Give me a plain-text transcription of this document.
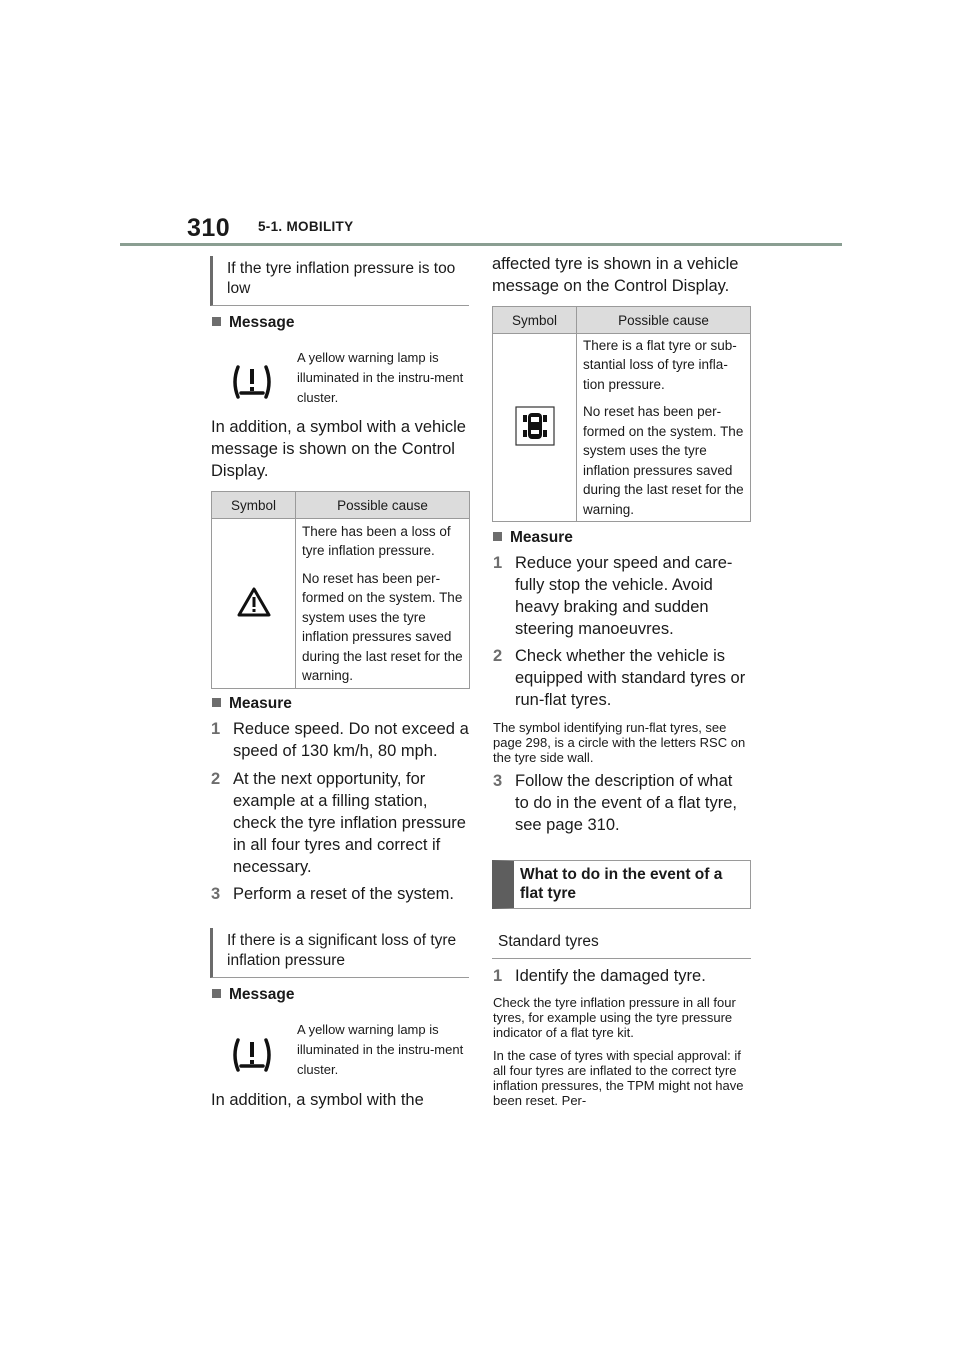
310 5-1. MOBILITY
If the tyre inflation pressure is too low
Message
A yellow warning lamp is illuminated in the instru-ment cluster.
In addition, a symbol with a vehicle message is shown on the Control Display.
Symbol	Possible cause

There has been a loss of tyre inflation pressure.

No reset has been per-formed on the system. The system uses the tyre inflation pressures saved during the last reset for the warning.

Measure
1 Reduce speed. Do not exceed a speed of 130 km/h, 80 mph.
2 At the next opportunity, for example at a filling station, check the tyre inflation pressure in all four tyres and correct if necessary.
3 Perform a reset of the system.
If there is a significant loss of tyre inflation pressure
Message
A yellow warning lamp is illuminated in the instru-ment cluster.
In addition, a symbol with the
affected tyre is shown in a vehicle message on the Control Display.
Symbol	Possible cause

There is a flat tyre or sub-stantial loss of tyre infla-tion pressure.

No reset has been per-formed on the system. The system uses the tyre inflation pressures saved during the last reset for the warning.

Measure
1 Reduce your speed and care-fully stop the vehicle. Avoid heavy braking and sudden steering manoeuvres.
2 Check whether the vehicle is equipped with standard tyres or run-flat tyres.
The symbol identifying run-flat tyres, see page 298, is a circle with the letters RSC on the tyre side wall.
3 Follow the description of what to do in the event of a flat tyre, see page 310.
What to do in the event of a flat tyre
Standard tyres
1 Identify the damaged tyre.
Check the tyre inflation pressure in all four tyres, for example using the tyre pressure indicator of a flat tyre kit.
In the case of tyres with special approval: if all four tyres are inflated to the correct tyre inflation pressures, the TPM might not have been reset. Per-
